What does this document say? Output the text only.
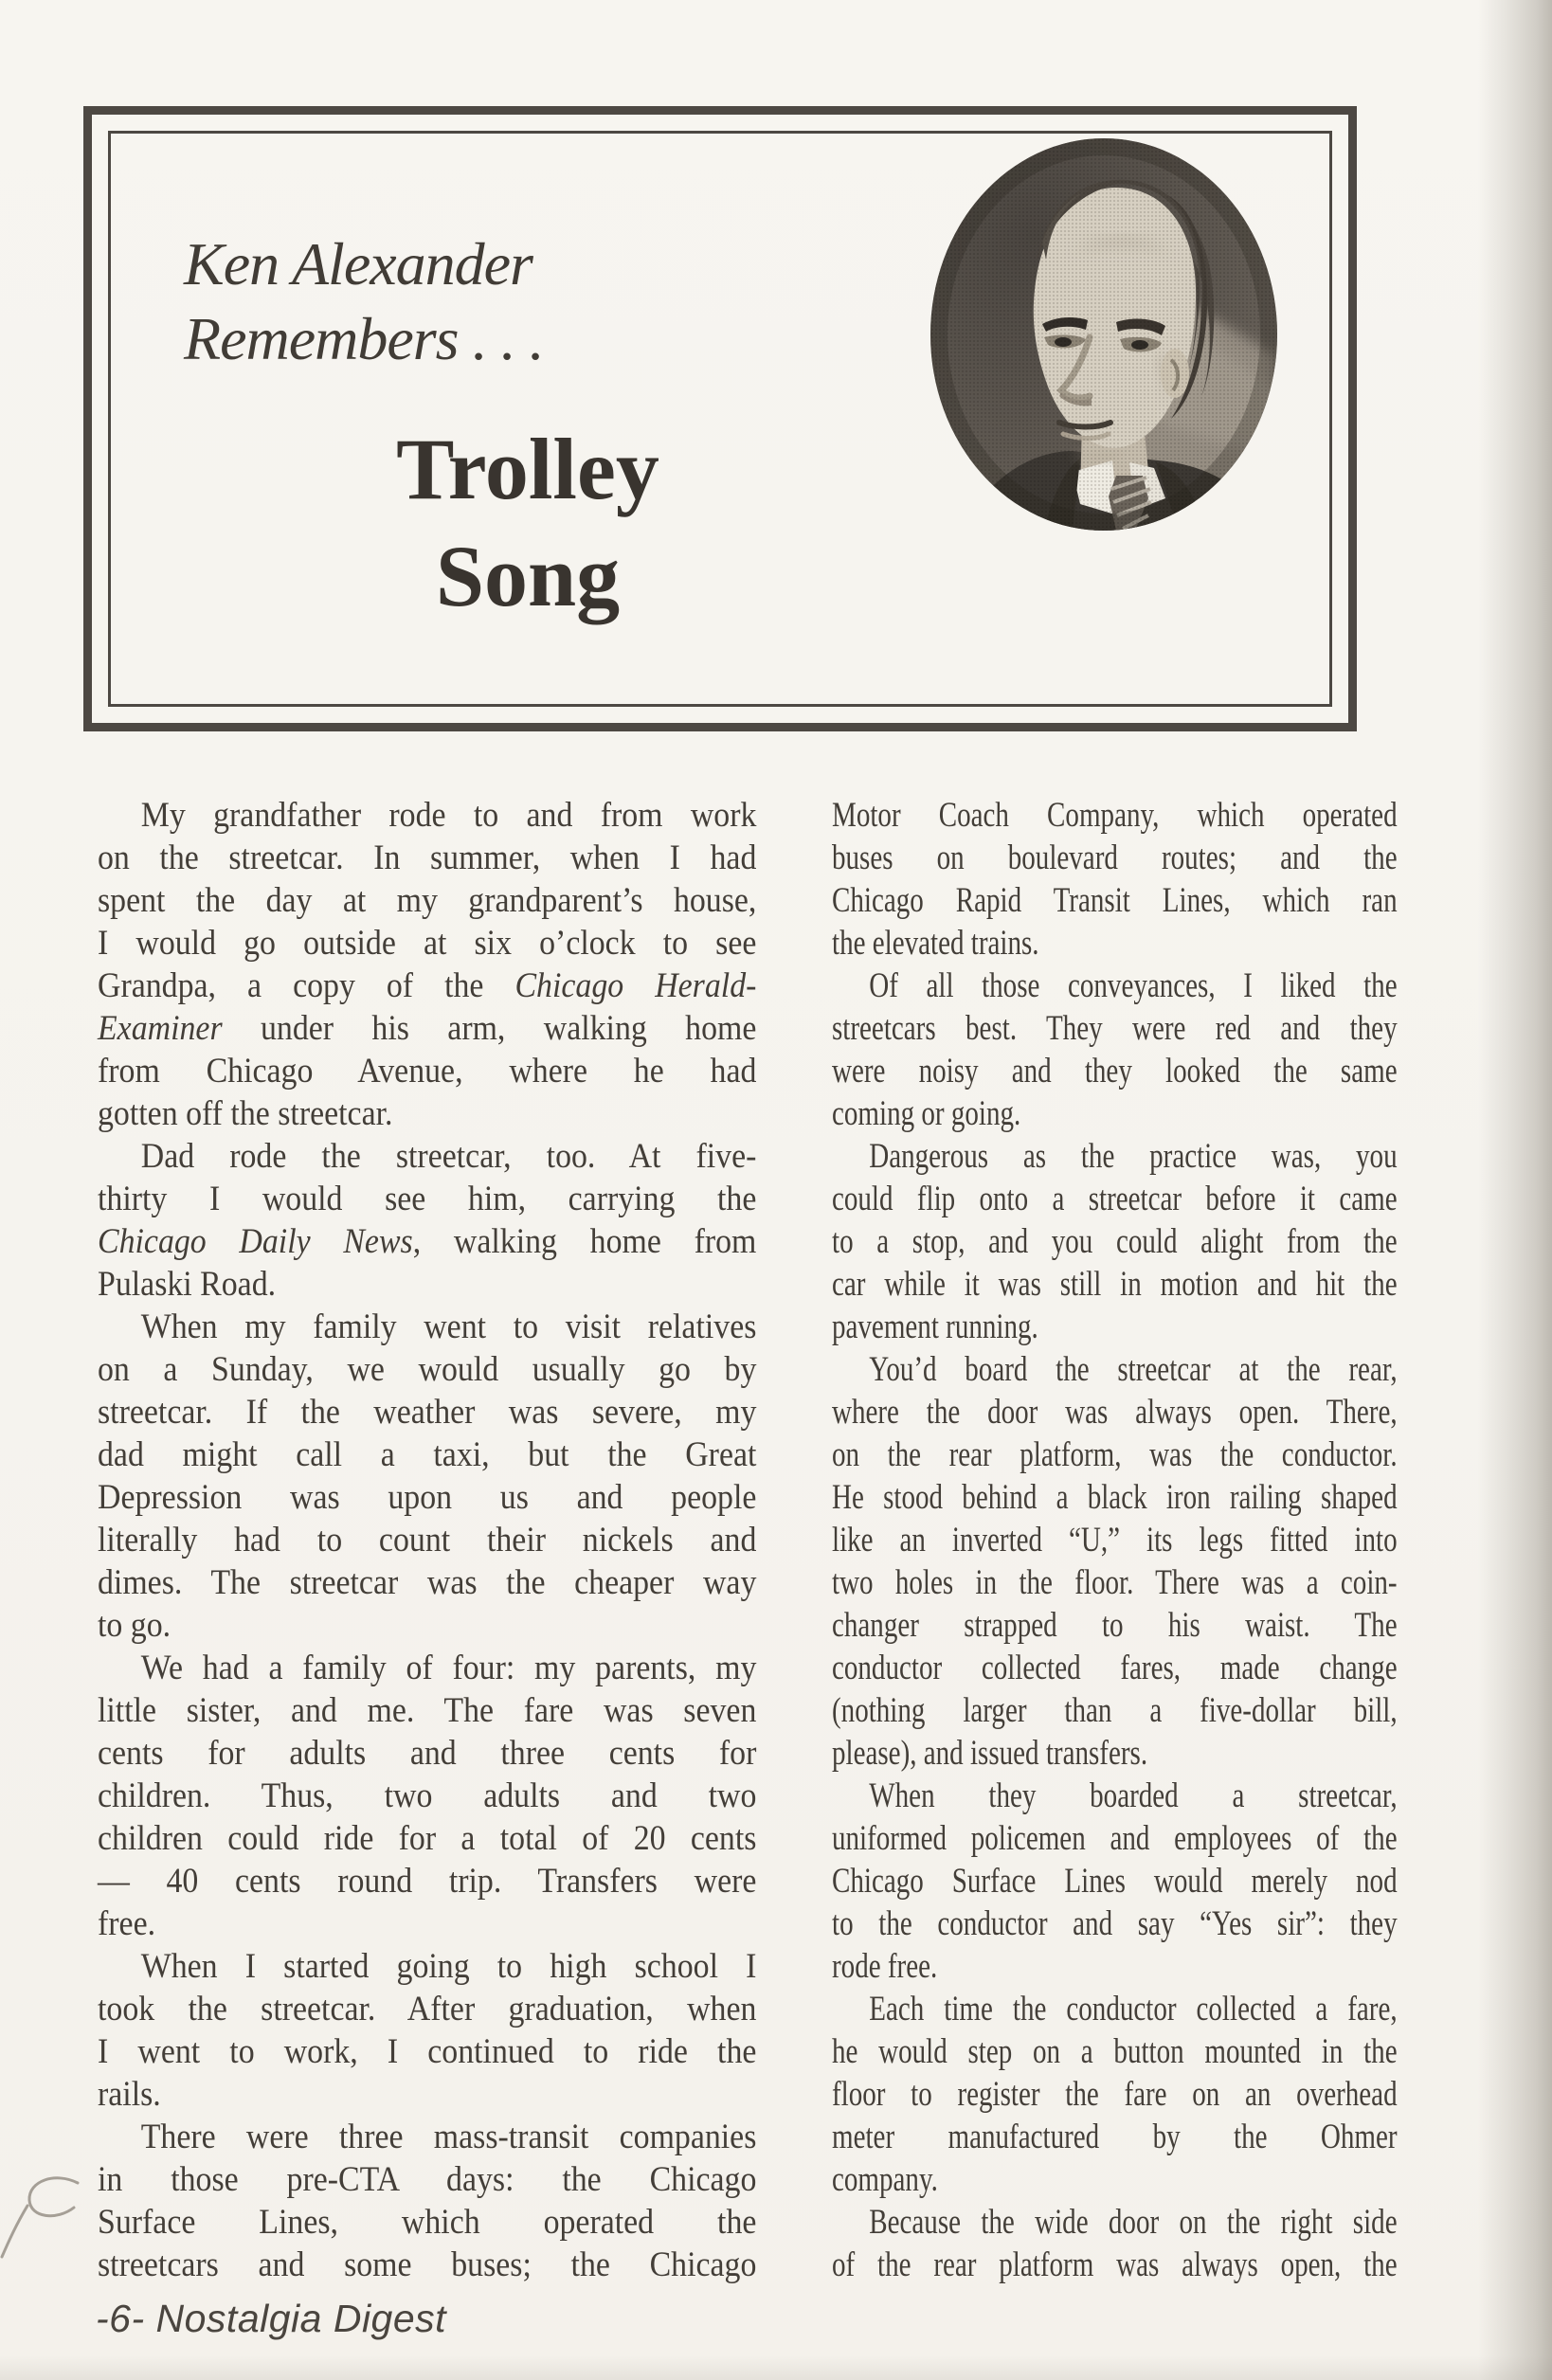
Ken Alexander
Remembers . . .
Trolley
Song
My grandfather rode to and from work
on the streetcar. In summer, when I had
spent the day at my grandparent’s house,
I would go outside at six o’clock to see
Grandpa, a copy of the Chicago Herald-
Examiner under his arm, walking home
from Chicago Avenue, where he had
gotten off the streetcar.
Dad rode the streetcar, too. At five-
thirty I would see him, carrying the
Chicago Daily News, walking home from
Pulaski Road.
When my family went to visit relatives
on a Sunday, we would usually go by
streetcar. If the weather was severe, my
dad might call a taxi, but the Great
Depression was upon us and people
literally had to count their nickels and
dimes. The streetcar was the cheaper way
to go.
We had a family of four: my parents, my
little sister, and me. The fare was seven
cents for adults and three cents for
children. Thus, two adults and two
children could ride for a total of 20 cents
— 40 cents round trip. Transfers were
free.
When I started going to high school I
took the streetcar. After graduation, when
I went to work, I continued to ride the
rails.
There were three mass-transit companies
in those pre-CTA days: the Chicago
Surface Lines, which operated the
streetcars and some buses; the Chicago
Motor Coach Company, which operated
buses on boulevard routes; and the
Chicago Rapid Transit Lines, which ran
the elevated trains.
Of all those conveyances, I liked the
streetcars best. They were red and they
were noisy and they looked the same
coming or going.
Dangerous as the practice was, you
could flip onto a streetcar before it came
to a stop, and you could alight from the
car while it was still in motion and hit the
pavement running.
You’d board the streetcar at the rear,
where the door was always open. There,
on the rear platform, was the conductor.
He stood behind a black iron railing shaped
like an inverted “U,” its legs fitted into
two holes in the floor. There was a coin-
changer strapped to his waist. The
conductor collected fares, made change
(nothing larger than a five-dollar bill,
please), and issued transfers.
When they boarded a streetcar,
uniformed policemen and employees of the
Chicago Surface Lines would merely nod
to the conductor and say “Yes sir”: they
rode free.
Each time the conductor collected a fare,
he would step on a button mounted in the
floor to register the fare on an overhead
meter manufactured by the Ohmer
company.
Because the wide door on the right side
of the rear platform was always open, the
-6- Nostalgia Digest
